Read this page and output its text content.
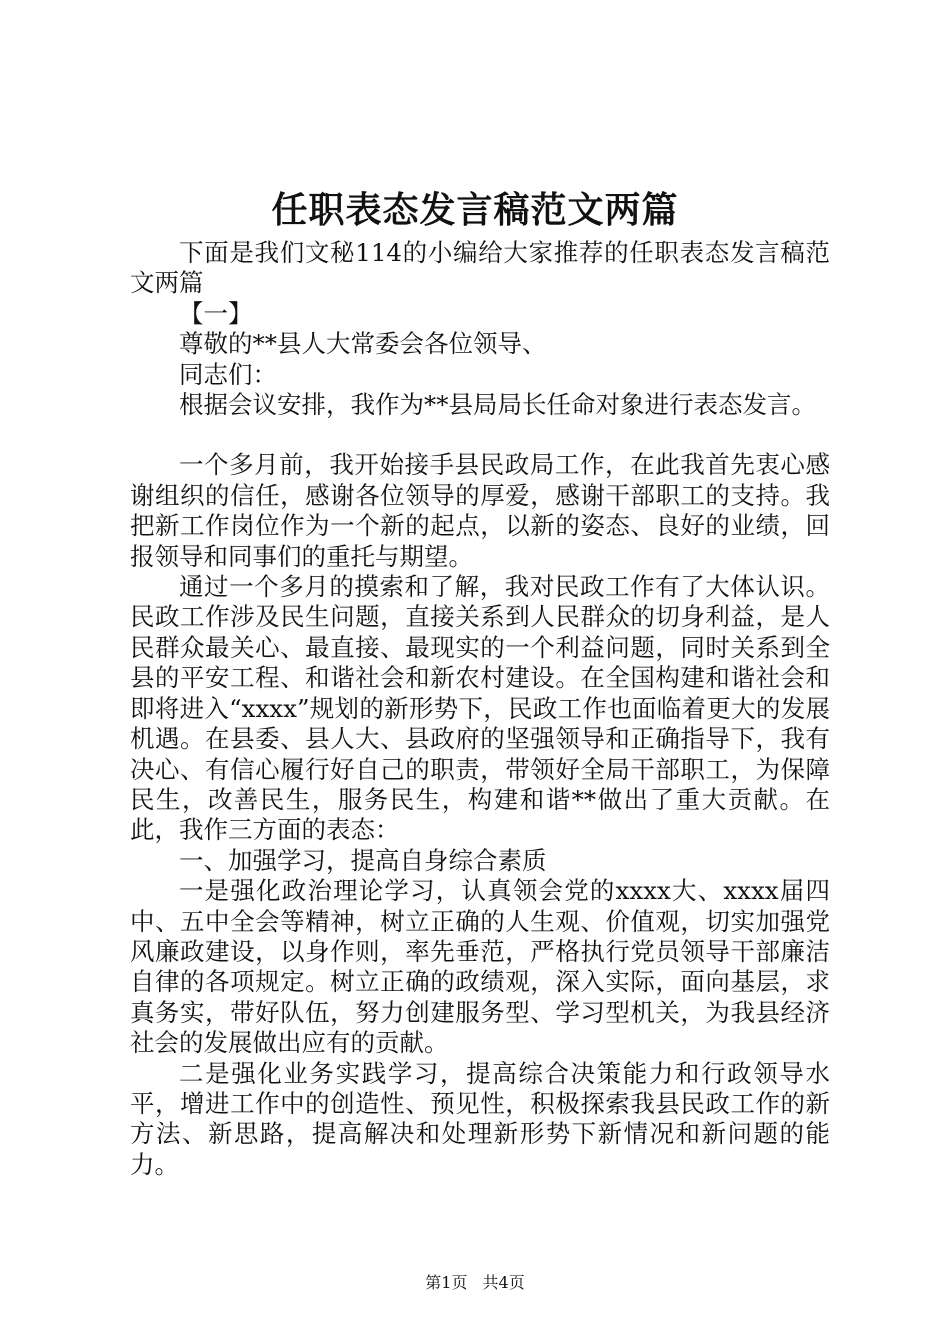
任职表态发言稿范文两篇

下面是我们文秘114的小编给大家推荐的任职表态发言稿范文两篇

【一】

尊敬的**县人大常委会各位领导、

同志们：

根据会议安排，我作为**县局局长任命对象进行表态发言。

一个多月前，我开始接手县民政局工作，在此我首先衷心感谢组织的信任，感谢各位领导的厚爱，感谢干部职工的支持。我把新工作岗位作为一个新的起点，以新的姿态、良好的业绩，回报领导和同事们的重托与期望。

通过一个多月的摸索和了解，我对民政工作有了大体认识。民政工作涉及民生问题，直接关系到人民群众的切身利益，是人民群众最关心、最直接、最现实的一个利益问题，同时关系到全县的平安工程、和谐社会和新农村建设。在全国构建和谐社会和即将进入“xxxx”规划的新形势下，民政工作也面临着更大的发展机遇。在县委、县人大、县政府的坚强领导和正确指导下，我有决心、有信心履行好自己的职责，带领好全局干部职工，为保障民生，改善民生，服务民生，构建和谐**做出了重大贡献。在此，我作三方面的表态：

一、加强学习，提高自身综合素质

一是强化政治理论学习，认真领会党的xxxx大、xxxx届四中、五中全会等精神，树立正确的人生观、价值观，切实加强党风廉政建设，以身作则，率先垂范，严格执行党员领导干部廉洁自律的各项规定。树立正确的政绩观，深入实际，面向基层，求真务实，带好队伍，努力创建服务型、学习型机关，为我县经济社会的发展做出应有的贡献。

二是强化业务实践学习，提高综合决策能力和行政领导水平，增进工作中的创造性、预见性，积极探索我县民政工作的新方法、新思路，提高解决和处理新形势下新情况和新问题的能力。

第1页 共4页
